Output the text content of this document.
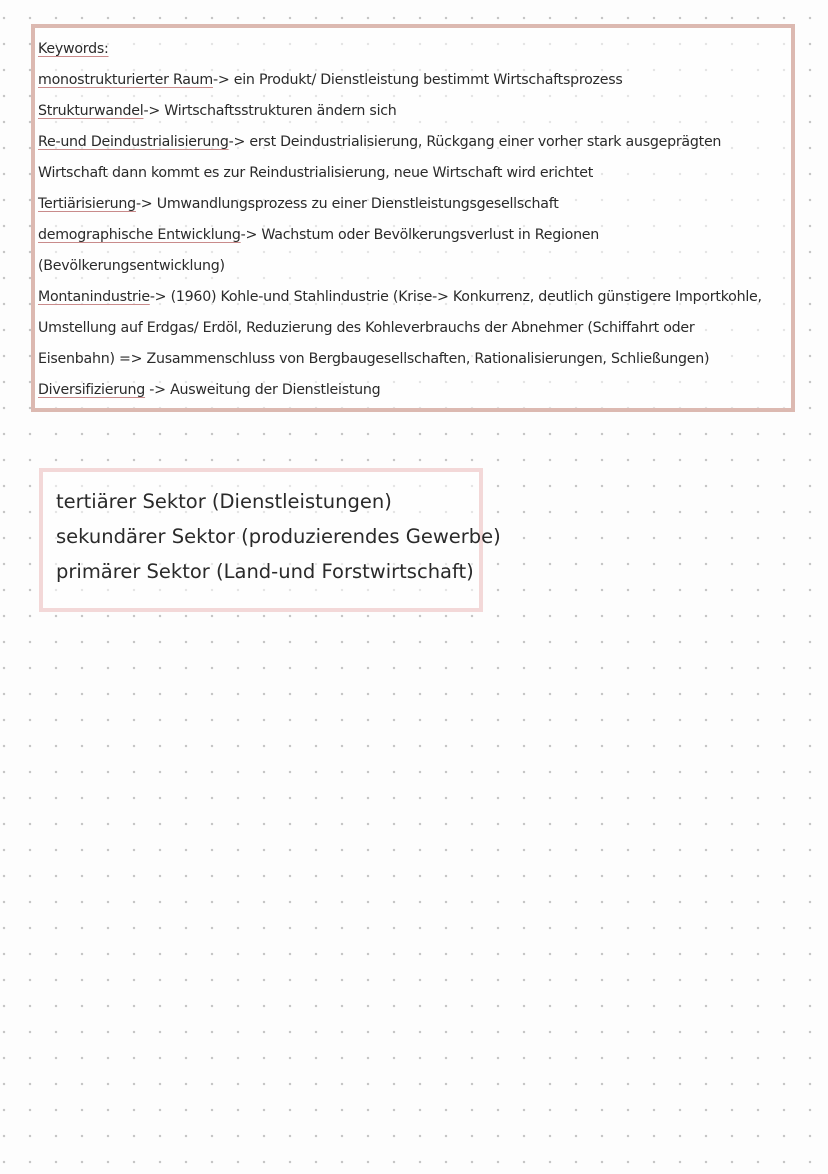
Keywords:
monostrukturierter Raum-> ein Produkt/ Dienstleistung bestimmt Wirtschaftsprozess
Strukturwandel-> Wirtschaftsstrukturen ändern sich
Re-und Deindustrialisierung-> erst Deindustrialisierung, Rückgang einer vorher stark ausgeprägten
Wirtschaft dann kommt es zur Reindustrialisierung, neue Wirtschaft wird erichtet
Tertiärisierung-> Umwandlungsprozess zu einer Dienstleistungsgesellschaft
demographische Entwicklung-> Wachstum oder Bevölkerungsverlust in Regionen
(Bevölkerungsentwicklung)
Montanindustrie-> (1960) Kohle-und Stahlindustrie (Krise-> Konkurrenz, deutlich günstigere Importkohle,
Umstellung auf Erdgas/ Erdöl, Reduzierung des Kohleverbrauchs der Abnehmer (Schiffahrt oder
Eisenbahn) => Zusammenschluss von Bergbaugesellschaften, Rationalisierungen, Schließungen)
Diversifizierung -> Ausweitung der Dienstleistung
tertiärer Sektor (Dienstleistungen)
sekundärer Sektor (produzierendes Gewerbe)
primärer Sektor (Land-und Forstwirtschaft)
